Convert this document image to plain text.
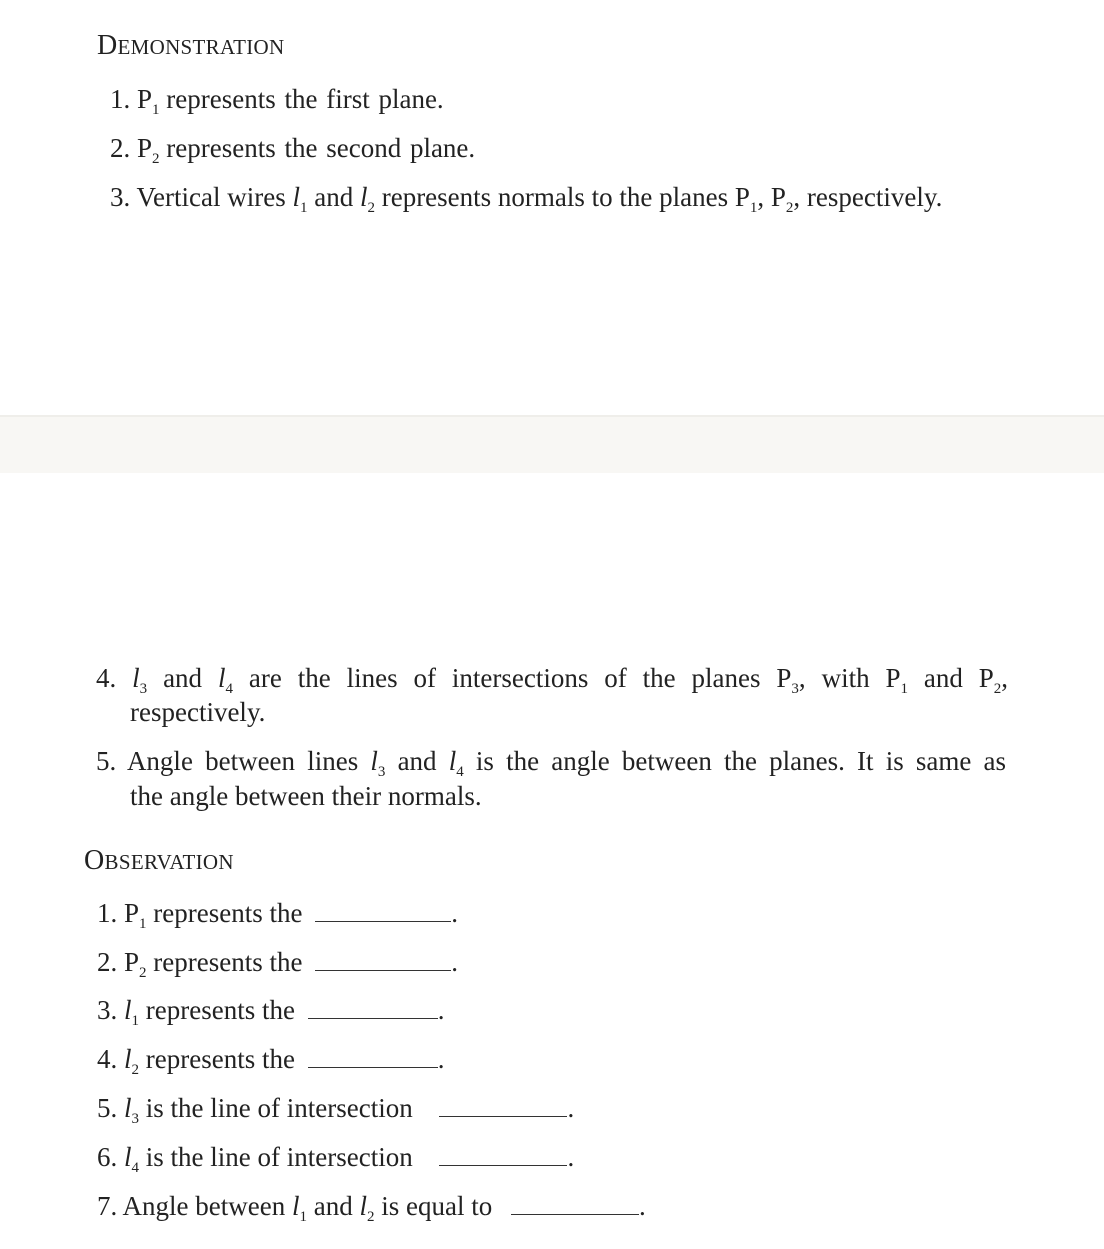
DEMONSTRATION
1. $P_1$ represents the first plane.
2. $P_2$ represents the second plane.
3. Vertical wires $l_1$ and $l_2$ represents normals to the planes $P_1$, $P_2$, respectively.
4. $l_3$ and $l_4$ are the lines of intersections of the planes $P_3$, with $P_1$ and $P_2$,
respectively.
5. Angle between lines $l_3$ and $l_4$ is the angle between the planes. It is same as
the angle between their normals.
OBSERVATION
1. $P_1$ represents the	.
2. $P_2$ represents the	.
3. $l_1$ represents the	.
4. $l_2$ represents the	.
5. $l_3$ is the line of intersection	.
6. $l_4$ is the line of intersection	.
7. Angle between $l_1$ and $l_2$ is equal to	.
